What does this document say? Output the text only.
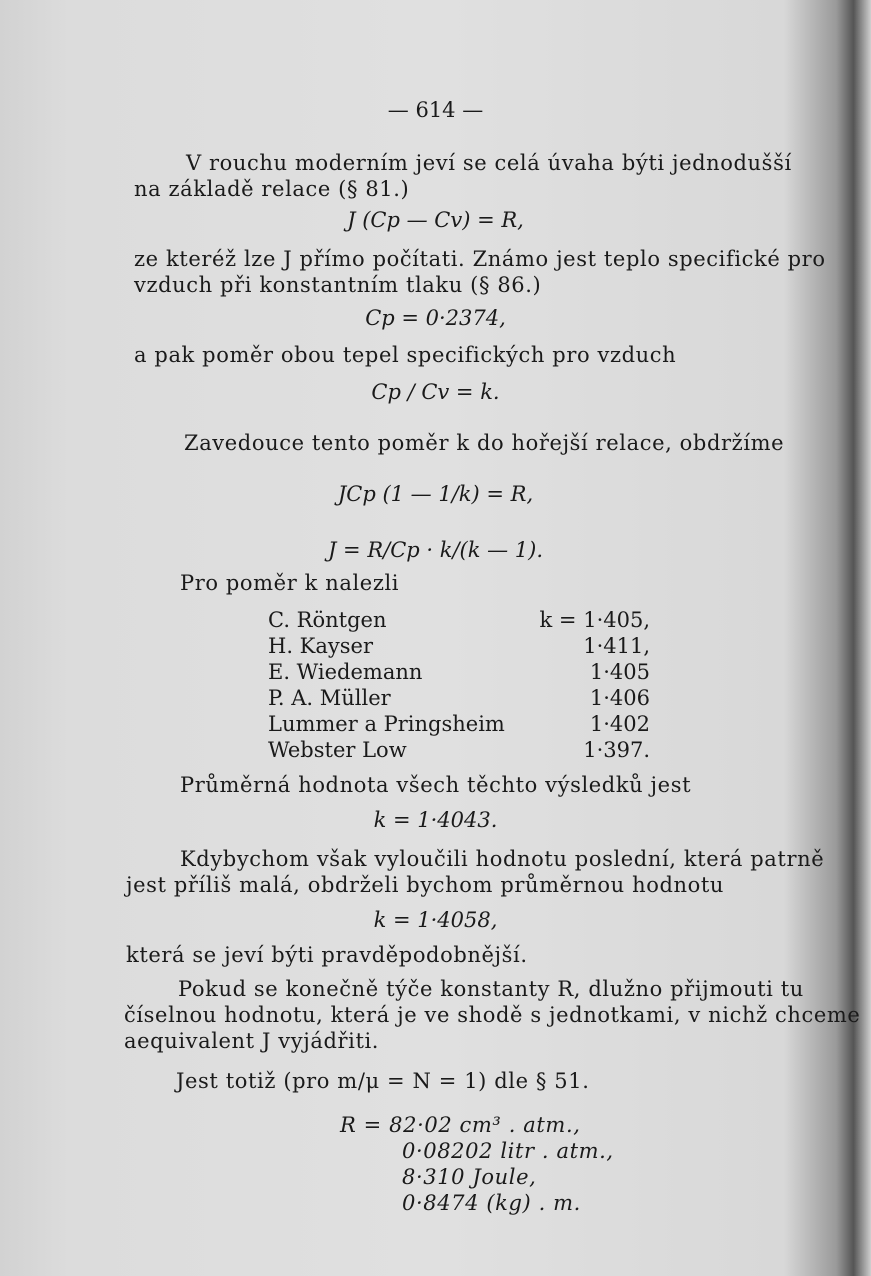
— 614 —
V rouchu moderním jeví se celá úvaha býti jednodušší
na základě relace (§ 81.)
J (Cp — Cv) = R,
ze kteréž lze J přímo počítati. Známo jest teplo specifické pro
vzduch při konstantním tlaku (§ 86.)
Cp = 0·2374,
a pak poměr obou tepel specifických pro vzduch
Cp / Cv = k.
Zavedouce tento poměr k do hořejší relace, obdržíme
JCp (1 — 1/k) = R,
J = R/Cp · k/(k — 1).
Pro poměr k nalezli
C. Röntgen	k = 1·405,
H. Kayser	1·411,
E. Wiedemann	1·405
P. A. Müller	1·406
Lummer a Pringsheim	1·402
Webster Low	1·397.
Průměrná hodnota všech těchto výsledků jest
k = 1·4043.
Kdybychom však vyloučili hodnotu poslední, která patrně
jest příliš malá, obdrželi bychom průměrnou hodnotu
k = 1·4058,
která se jeví býti pravděpodobnější.
Pokud se konečně týče konstanty R, dlužno přijmouti tu
číselnou hodnotu, která je ve shodě s jednotkami, v nichž chceme
aequivalent J vyjádřiti.
Jest totiž (pro m/μ = N = 1) dle § 51.
R = 82·02 cm³ . atm.,
0·08202 litr . atm.,
8·310 Joule,
0·8474 (kg) . m.
